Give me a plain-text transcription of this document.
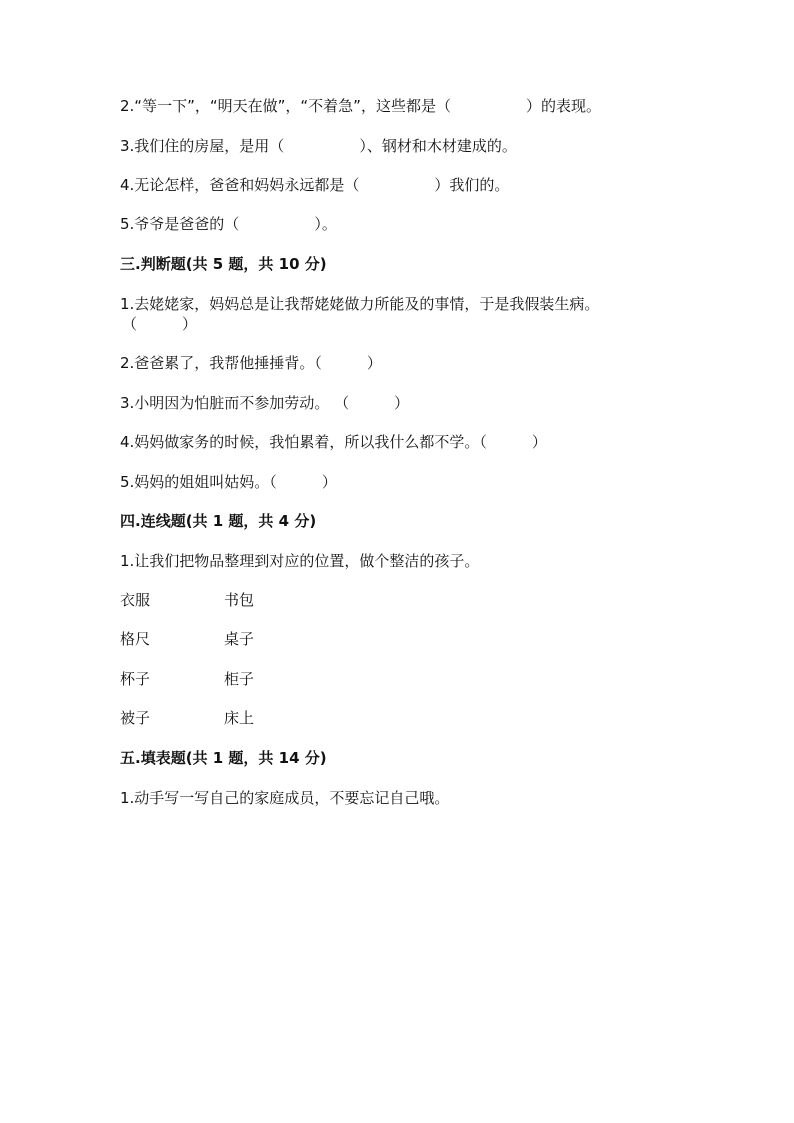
2.“等一下”，“明天在做”，“不着急”，这些都是（　　　　　）的表现。
3.我们住的房屋，是用（　　　　　）、钢材和木材建成的。
4.无论怎样，爸爸和妈妈永远都是（　　　　　）我们的。
5.爷爷是爸爸的（　　　　　）。
三.判断题(共 5 题，共 10 分)
1.去姥姥家，妈妈总是让我帮姥姥做力所能及的事情，于是我假装生病。
（　　　）
2.爸爸累了，我帮他捶捶背。（　　　）
3.小明因为怕脏而不参加劳动。 （　　　）
4.妈妈做家务的时候，我怕累着，所以我什么都不学。（　　　）
5.妈妈的姐姐叫姑妈。（　　　）
四.连线题(共 1 题，共 4 分)
1.让我们把物品整理到对应的位置，做个整洁的孩子。
衣服	书包
格尺	桌子
杯子	柜子
被子	床上
五.填表题(共 1 题，共 14 分)
1.动手写一写自己的家庭成员，不要忘记自己哦。
